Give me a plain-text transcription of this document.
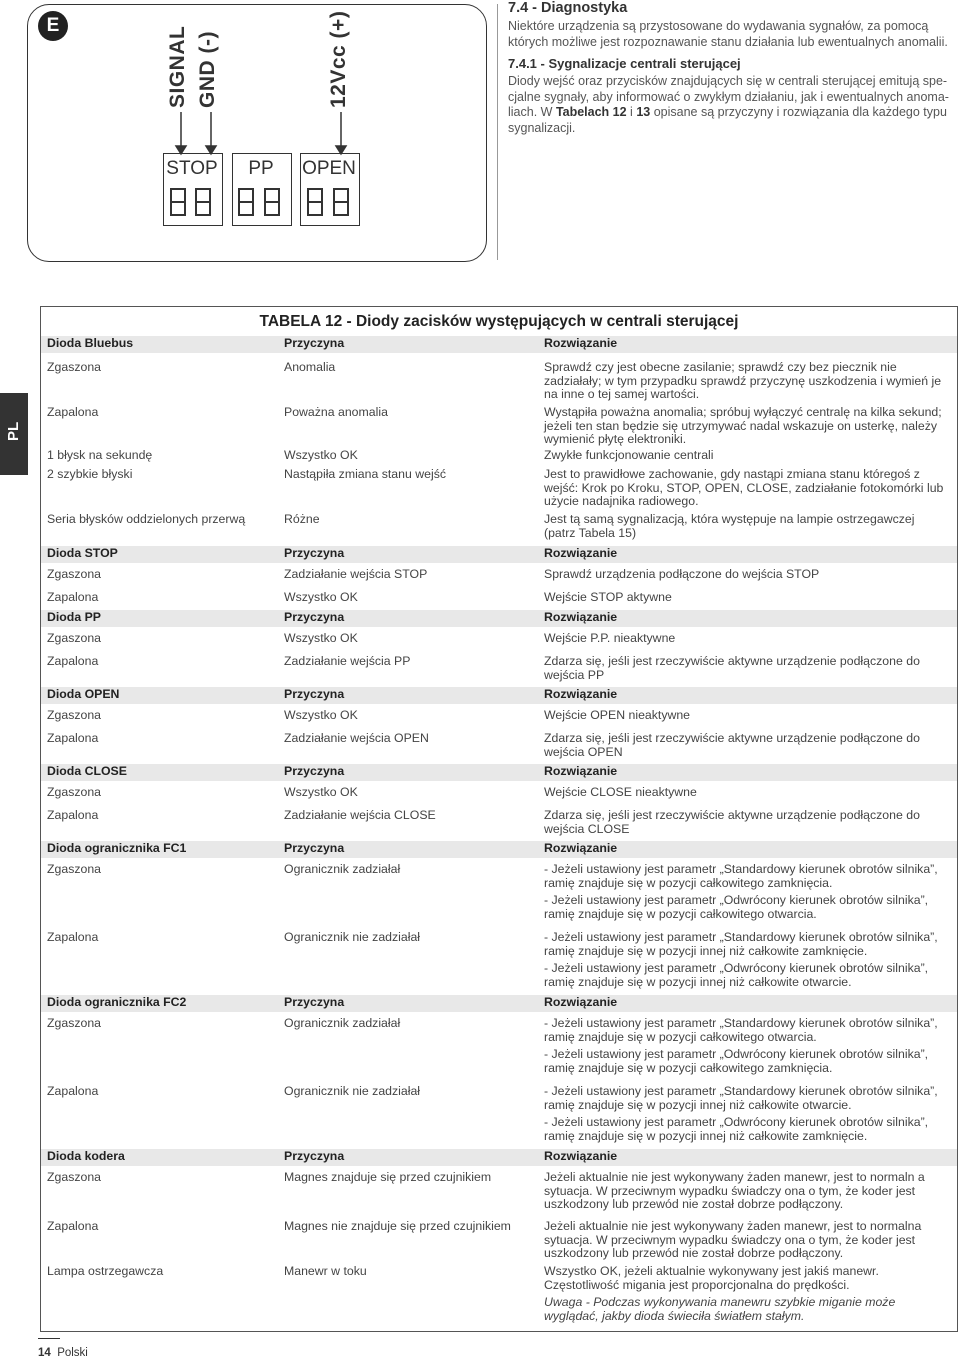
E
SIGNAL GND (-)	12Vcc (+)
STOP	PP	OPEN
7.4 - Diagnostyka

Niektóre urządzenia są przystosowane do wydawania sygnałów, za pomocą których możliwe jest rozpoznawanie stanu działania lub ewentualnych anomalii.

7.4.1 - Sygnalizacje centrali sterującej

Diody wejść oraz przycisków znajdujących się w centrali sterującej emitują spe-cjalne sygnały, aby informować o zwykłym działaniu, jak i ewentualnych anoma-liach. W Tabelach 12 i 13 opisane są przyczyny i rozwiązania dla każdego typu sygnalizacji.

PL
TABELA 12 - Diody zacisków występujących w centrali sterującej
Dioda Bluebus	Przyczyna	Rozwiązanie
Zgaszona	Anomalia	Sprawdź czy jest obecne zasilanie; sprawdź czy bez piecznik nie zadziałały; w tym przypadku sprawdź przyczynę uszkodzenia i wymień je na inne o tej samej wartości.
Zapalona	Poważna anomalia	Wystąpiła poważna anomalia; spróbuj wyłączyć centralę na kilka sekund; jeżeli ten stan będzie się utrzymywać nadal wskazuje on usterkę, należy wymienić płytę elektroniki.
1 błysk na sekundę	Wszystko OK	Zwykłe funkcjonowanie centrali
2 szybkie błyski	Nastąpiła zmiana stanu wejść	Jest to prawidłowe zachowanie, gdy nastąpi zmiana stanu któregoś z wejść: Krok po Kroku, STOP, OPEN, CLOSE, zadziałanie fotokomórki lub użycie nadajnika radiowego.
Seria błysków oddzielonych przerwą	Różne	Jest tą samą sygnalizacją, która występuje na lampie ostrzegawczej (patrz Tabela 15)
Dioda STOP	Przyczyna	Rozwiązanie
Zgaszona	Zadziałanie wejścia STOP	Sprawdź urządzenia podłączone do wejścia STOP
Zapalona	Wszystko OK	Wejście STOP aktywne
Dioda PP	Przyczyna	Rozwiązanie
Zgaszona	Wszystko OK	Wejście P.P. nieaktywne
Zapalona	Zadziałanie wejścia PP	Zdarza się, jeśli jest rzeczywiście aktywne urządzenie podłączone do wejścia PP
Dioda OPEN	Przyczyna	Rozwiązanie
Zgaszona	Wszystko OK	Wejście OPEN nieaktywne
Zapalona	Zadziałanie wejścia OPEN	Zdarza się, jeśli jest rzeczywiście aktywne urządzenie podłączone do wejścia OPEN
Dioda CLOSE	Przyczyna	Rozwiązanie
Zgaszona	Wszystko OK	Wejście CLOSE nieaktywne
Zapalona	Zadziałanie wejścia CLOSE	Zdarza się, jeśli jest rzeczywiście aktywne urządzenie podłączone do wejścia CLOSE
Dioda ogranicznika FC1	Przyczyna	Rozwiązanie
Zgaszona	Ogranicznik zadziałał	- Jeżeli ustawiony jest parametr „Standardowy kierunek obrotów silnika”, ramię znajduje się w pozycji całkowitego zamknięcia.
- Jeżeli ustawiony jest parametr „Odwrócony kierunek obrotów silnika”, ramię znajduje się w pozycji całkowitego otwarcia.
Zapalona	Ogranicznik nie zadziałał	- Jeżeli ustawiony jest parametr „Standardowy kierunek obrotów silnika”, ramię znajduje się w pozycji innej niż całkowite zamknięcie.
- Jeżeli ustawiony jest parametr „Odwrócony kierunek obrotów silnika”, ramię znajduje się w pozycji innej niż całkowite otwarcie.
Dioda ogranicznika FC2	Przyczyna	Rozwiązanie
Zgaszona	Ogranicznik zadziałał	- Jeżeli ustawiony jest parametr „Standardowy kierunek obrotów silnika”, ramię znajduje się w pozycji całkowitego otwarcia.
- Jeżeli ustawiony jest parametr „Odwrócony kierunek obrotów silnika”, ramię znajduje się w pozycji całkowitego zamknięcia.
Zapalona	Ogranicznik nie zadziałał	- Jeżeli ustawiony jest parametr „Standardowy kierunek obrotów silnika”, ramię znajduje się w pozycji innej niż całkowite otwarcie.
- Jeżeli ustawiony jest parametr „Odwrócony kierunek obrotów silnika”, ramię znajduje się w pozycji innej niż całkowite zamknięcie.
Dioda kodera	Przyczyna	Rozwiązanie
Zgaszona	Magnes znajduje się przed czujnikiem	Jeżeli aktualnie nie jest wykonywany żaden manewr, jest to normaln a sytuacja. W przeciwnym wypadku świadczy ona o tym, że koder jest uszkodzony lub przewód nie został dobrze podłączony.
Zapalona	Magnes nie znajduje się przed czujnikiem	Jeżeli aktualnie nie jest wykonywany żaden manewr, jest to normalna sytuacja. W przeciwnym wypadku świadczy ona o tym, że koder jest uszkodzony lub przewód nie został dobrze podłączony.
Lampa ostrzegawcza	Manewr w toku	Wszystko OK, jeżeli aktualnie wykonywany jest jakiś manewr. Częstotliwość migania jest proporcjonalna do prędkości.
Uwaga - Podczas wykonywania manewru szybkie miganie może wyglądać, jakby dioda świeciła światłem stałym.
14 Polski
